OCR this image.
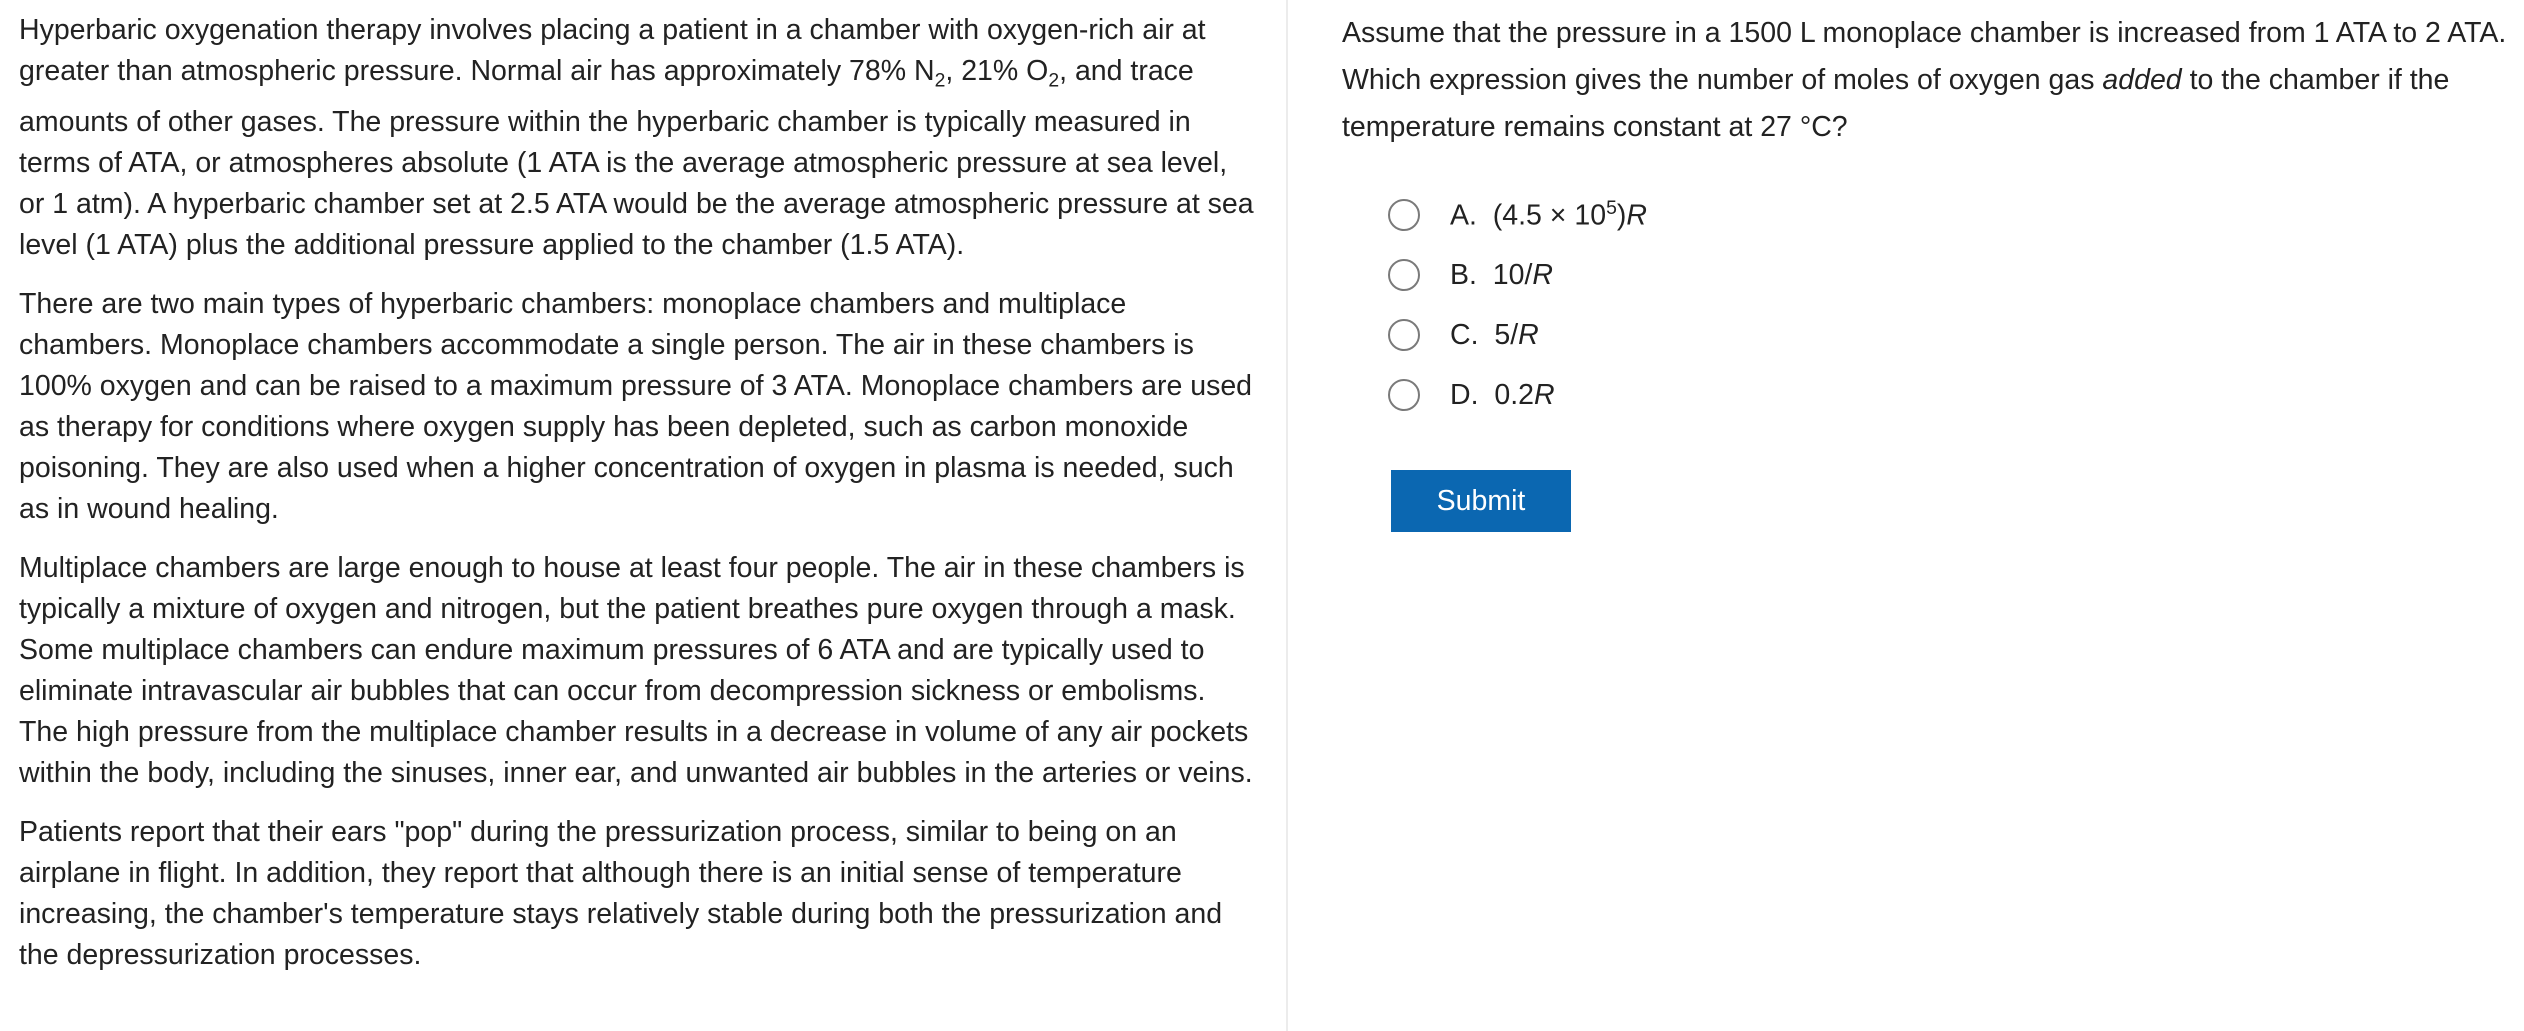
Hyperbaric oxygenation therapy involves placing a patient in a chamber with oxygen-rich air at greater than atmospheric pressure. Normal air has approximately 78% $N_2$, 21% $O_2$, and trace amounts of other gases. The pressure within the hyperbaric chamber is typically measured in terms of ATA, or atmospheres absolute (1 ATA is the average atmospheric pressure at sea level, or 1 atm). A hyperbaric chamber set at 2.5 ATA would be the average atmospheric pressure at sea level (1 ATA) plus the additional pressure applied to the chamber (1.5 ATA).

There are two main types of hyperbaric chambers: monoplace chambers and multiplace chambers. Monoplace chambers accommodate a single person. The air in these chambers is 100% oxygen and can be raised to a maximum pressure of 3 ATA. Monoplace chambers are used as therapy for conditions where oxygen supply has been depleted, such as carbon monoxide poisoning. They are also used when a higher concentration of oxygen in plasma is needed, such as in wound healing.

Multiplace chambers are large enough to house at least four people. The air in these chambers is typically a mixture of oxygen and nitrogen, but the patient breathes pure oxygen through a mask. Some multiplace chambers can endure maximum pressures of 6 ATA and are typically used to eliminate intravascular air bubbles that can occur from decompression sickness or embolisms. The high pressure from the multiplace chamber results in a decrease in volume of any air pockets within the body, including the sinuses, inner ear, and unwanted air bubbles in the arteries or veins.

Patients report that their ears "pop" during the pressurization process, similar to being on an airplane in flight. In addition, they report that although there is an initial sense of temperature increasing, the chamber's temperature stays relatively stable during both the pressurization and the depressurization processes.

Assume that the pressure in a 1500 L monoplace chamber is increased from 1 ATA to 2 ATA. Which expression gives the number of moles of oxygen gas added to the chamber if the temperature remains constant at 27 °C?

A. $(4.5 \times 10^5)R$
B. 10/R
C. 5/R
D. 0.2R
Submit
